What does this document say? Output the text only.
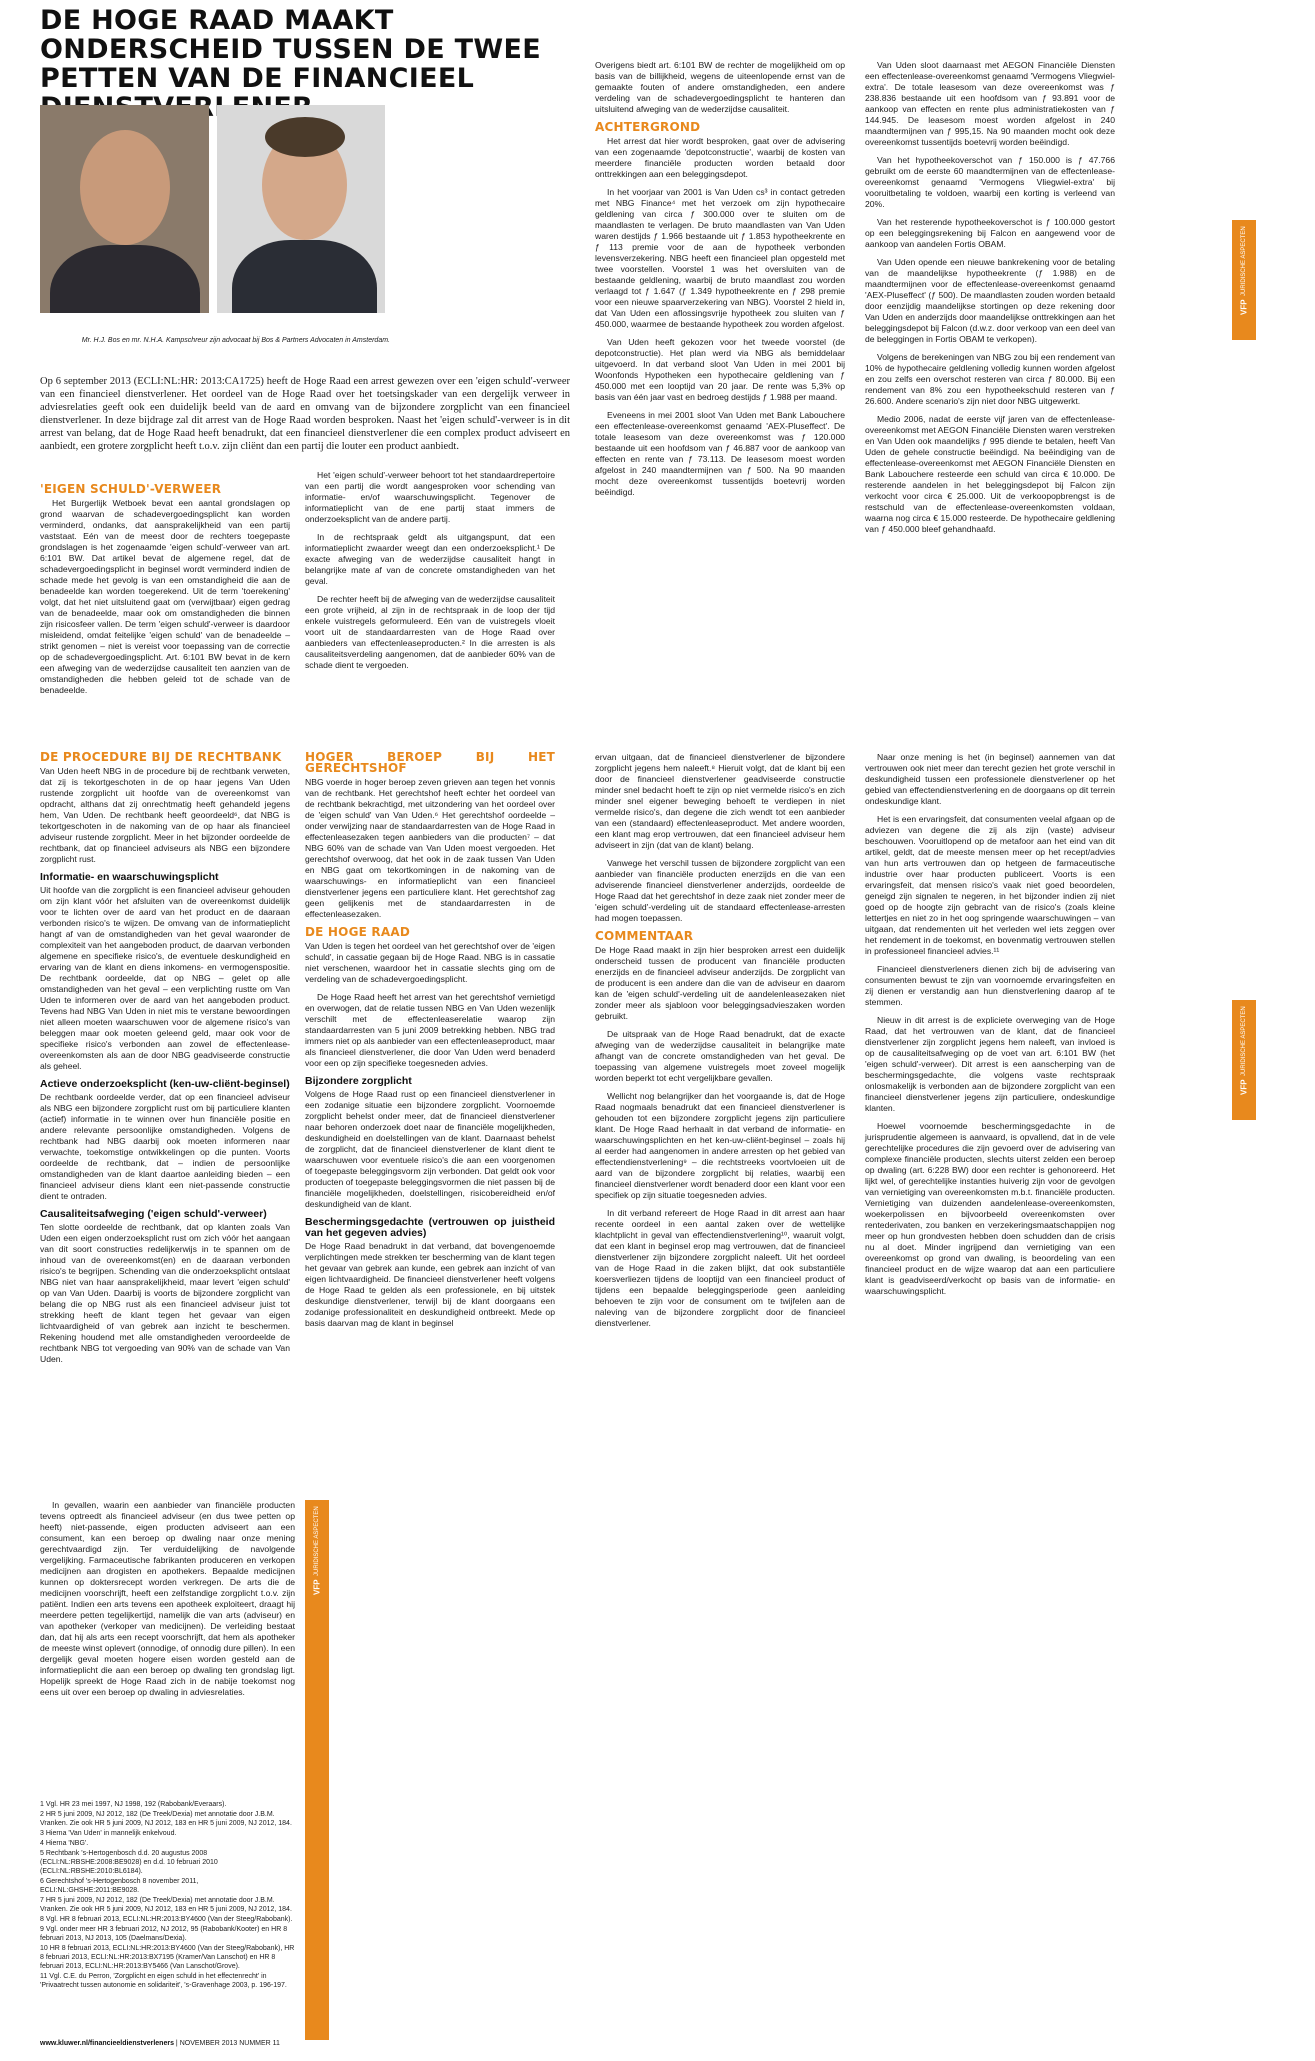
DE HOGE RAAD MAAKT ONDERSCHEID TUSSEN DE TWEE PETTEN VAN DE FINANCIEEL
Mr. H.J. Bos en mr. N.H.A. Kampschreur zijn advocaat bij Bos & Partners Advocaten in Amsterdam.
Op 6 september 2013 (ECLI:NL:HR: 2013:CA1725) heeft de Hoge Raad een arrest gewezen over een 'eigen schuld'-verweer van een financieel dienstverlener. Het oordeel van de Hoge Raad over het toetsingskader van een dergelijk verweer in adviesrelaties geeft ook een duidelijk beeld van de aard en omvang van de bijzondere zorgplicht van een financieel dienstverlener. In deze bijdrage zal dit arrest van de Hoge Raad worden besproken. Naast het 'eigen schuld'-verweer is in dit arrest van belang, dat de Hoge Raad heeft benadrukt, dat een financieel dienstverlener die een complex product adviseert en aanbiedt, een grotere zorgplicht heeft t.o.v. zijn cliënt dan een partij die louter een product aanbiedt.
'EIGEN SCHULD'-VERWEER

Het Burgerlijk Wetboek bevat een aantal grondslagen op grond waarvan de schadevergoedingsplicht kan worden verminderd, ondanks, dat aansprakelijkheid van een partij vaststaat. Eén van de meest door de rechters toegepaste grondslagen is het zogenaamde 'eigen schuld'-verweer van art. 6:101 BW. Dat artikel bevat de algemene regel, dat de schadevergoedingsplicht in beginsel wordt verminderd indien de schade mede het gevolg is van een omstandigheid die aan de benadeelde kan worden toegerekend. Uit de term 'toerekening' volgt, dat het niet uitsluitend gaat om (verwijtbaar) eigen gedrag van de benadeelde, maar ook om omstandigheden die binnen zijn risicosfeer vallen. De term 'eigen schuld'-verweer is daardoor misleidend, omdat feitelijke 'eigen schuld' van de benadeelde – strikt genomen – niet is vereist voor toepassing van de correctie op de schadevergoedingsplicht. Art. 6:101 BW bevat in de kern een afweging van de wederzijdse causaliteit ten aanzien van de omstandigheden die hebben geleid tot de schade van de benadeelde.

Het 'eigen schuld'-verweer behoort tot het standaardrepertoire van een partij die wordt aangesproken voor schending van informatie- en/of waarschuwingsplicht. Tegenover de informatieplicht van de ene partij staat immers de onderzoeksplicht van de andere partij.

In de rechtspraak geldt als uitgangspunt, dat een informatieplicht zwaarder weegt dan een onderzoeksplicht.¹ De exacte afweging van de wederzijdse causaliteit hangt in belangrijke mate af van de concrete omstandigheden van het geval.

De rechter heeft bij de afweging van de wederzijdse causaliteit een grote vrijheid, al zijn in de rechtspraak in de loop der tijd enkele vuistregels geformuleerd. Eén van de vuistregels vloeit voort uit de standaardarresten van de Hoge Raad over aanbieders van effectenleaseproducten.² In die arresten is als causaliteitsverdeling aangenomen, dat de aanbieder 60% van de schade dient te vergoeden.

Overigens biedt art. 6:101 BW de rechter de mogelijkheid om op basis van de billijkheid, wegens de uiteenlopende ernst van de gemaakte fouten of andere omstandigheden, een andere verdeling van de schadevergoedingsplicht te hanteren dan uitsluitend afweging van de wederzijdse causaliteit.

ACHTERGROND

Het arrest dat hier wordt besproken, gaat over de advisering van een zogenaamde 'depotconstructie', waarbij de kosten van meerdere financiële producten worden betaald door onttrekkingen aan een beleggingsdepot.

In het voorjaar van 2001 is Van Uden cs³ in contact getreden met NBG Finance⁴ met het verzoek om zijn hypothecaire geldlening van circa ƒ 300.000 over te sluiten om de maandlasten te verlagen. De bruto maandlasten van Van Uden waren destijds ƒ 1.966 bestaande uit ƒ 1.853 hypotheekrente en ƒ 113 premie voor de aan de hypotheek verbonden levensverzekering. NBG heeft een financieel plan opgesteld met twee voorstellen. Voorstel 1 was het oversluiten van de bestaande geldlening, waarbij de bruto maandlast zou worden verlaagd tot ƒ 1.647 (ƒ 1.349 hypotheekrente en ƒ 298 premie voor een nieuwe spaarverzekering van NBG). Voorstel 2 hield in, dat Van Uden een aflossingsvrije hypotheek zou sluiten van ƒ 450.000, waarmee de bestaande hypotheek zou worden afgelost.

Van Uden heeft gekozen voor het tweede voorstel (de depotconstructie). Het plan werd via NBG als bemiddelaar uitgevoerd. In dat verband sloot Van Uden in mei 2001 bij Woonfonds Hypotheken een hypothecaire geldlening van ƒ 450.000 met een looptijd van 20 jaar. De rente was 5,3% op basis van één jaar vast en bedroeg destijds ƒ 1.988 per maand.

Eveneens in mei 2001 sloot Van Uden met Bank Labouchere een effectenlease-overeenkomst genaamd 'AEX-Pluseffect'. De totale leasesom van deze overeenkomst was ƒ 120.000 bestaande uit een hoofdsom van ƒ 46.887 voor de aankoop van effecten en rente van ƒ 73.113. De leasesom moest worden afgelost in 240 maandtermijnen van ƒ 500. Na 90 maanden mocht deze overeenkomst tussentijds boetevrij worden beëindigd.

Van Uden sloot daarnaast met AEGON Financiële Diensten een effectenlease-overeenkomst genaamd 'Vermogens Vliegwiel-extra'. De totale leasesom van deze overeenkomst was ƒ 238.836 bestaande uit een hoofdsom van ƒ 93.891 voor de aankoop van effecten en rente plus administratiekosten van ƒ 144.945. De leasesom moest worden afgelost in 240 maandtermijnen van ƒ 995,15. Na 90 maanden mocht ook deze overeenkomst tussentijds boetevrij worden beëindigd.

Van het hypotheekoverschot van ƒ 150.000 is ƒ 47.766 gebruikt om de eerste 60 maandtermijnen van de effectenlease-overeenkomst genaamd 'Vermogens Vliegwiel-extra' bij vooruitbetaling te voldoen, waarbij een korting is verleend van 20%.

Van het resterende hypotheekoverschot is ƒ 100.000 gestort op een beleggingsrekening bij Falcon en aangewend voor de aankoop van aandelen Fortis OBAM.

Van Uden opende een nieuwe bankrekening voor de betaling van de maandelijkse hypotheekrente (ƒ 1.988) en de maandtermijnen voor de effectenlease-overeenkomst genaamd 'AEX-Pluseffect' (ƒ 500). De maandlasten zouden worden betaald door eenzijdig maandelijkse stortingen op deze rekening door Van Uden en anderzijds door maandelijkse onttrekkingen aan het beleggingsdepot bij Falcon (d.w.z. door verkoop van een deel van de beleggingen in Fortis OBAM te verkopen).

Volgens de berekeningen van NBG zou bij een rendement van 10% de hypothecaire geldlening volledig kunnen worden afgelost en zou zelfs een overschot resteren van circa ƒ 80.000. Bij een rendement van 8% zou een hypotheekschuld resteren van ƒ 26.600. Andere scenario's zijn niet door NBG uitgewerkt.

Medio 2006, nadat de eerste vijf jaren van de effectenlease-overeenkomst met AEGON Financiële Diensten waren verstreken en Van Uden ook maandelijks ƒ 995 diende te betalen, heeft Van Uden de gehele constructie beëindigd. Na beëindiging van de effectenlease-overeenkomst met AEGON Financiële Diensten en Bank Labouchere resteerde een schuld van circa € 10.000. De resterende aandelen in het beleggingsdepot bij Falcon zijn verkocht voor circa € 25.000. Uit de verkoopopbrengst is de restschuld van de effectenlease-overeenkomsten voldaan, waarna nog circa € 15.000 resteerde. De hypothecaire geldlening van ƒ 450.000 bleef gehandhaafd.

VFP
JURIDISCHE ASPECTEN
VFP
JURIDISCHE ASPECTEN
VFP
JURIDISCHE ASPECTEN
DE PROCEDURE BIJ DE RECHTBANK

Van Uden heeft NBG in de procedure bij de rechtbank verweten, dat zij is tekortgeschoten in de op haar jegens Van Uden rustende zorgplicht uit hoofde van de overeenkomst van opdracht, althans dat zij onrechtmatig heeft gehandeld jegens hem, Van Uden. De rechtbank heeft geoordeeld⁶, dat NBG is tekortgeschoten in de nakoming van de op haar als financieel adviseur rustende zorgplicht. Meer in het bijzonder oordeelde de rechtbank, dat op financieel adviseurs als NBG een bijzondere zorgplicht rust.

Informatie- en waarschuwingsplicht

Uit hoofde van die zorgplicht is een financieel adviseur gehouden om zijn klant vóór het afsluiten van de overeenkomst duidelijk voor te lichten over de aard van het product en de daaraan verbonden risico's te wijzen. De omvang van de informatieplicht hangt af van de omstandigheden van het geval waaronder de complexiteit van het aangeboden product, de daarvan verbonden algemene en specifieke risico's, de eventuele deskundigheid en ervaring van de klant en diens inkomens- en vermogenspositie. De rechtbank oordeelde, dat op NBG – gelet op alle omstandigheden van het geval – een verplichting rustte om Van Uden te informeren over de aard van het aangeboden product. Tevens had NBG Van Uden in niet mis te verstane bewoordingen niet alleen moeten waarschuwen voor de algemene risico's van beleggen maar ook moeten geleend geld, maar ook voor de specifieke risico's verbonden aan zowel de effectenlease-overeenkomsten als aan de door NBG geadviseerde constructie als geheel.

Actieve onderzoeksplicht (ken-uw-cliënt-beginsel)

De rechtbank oordeelde verder, dat op een financieel adviseur als NBG een bijzondere zorgplicht rust om bij particuliere klanten (actief) informatie in te winnen over hun financiële positie en andere relevante persoonlijke omstandigheden. Volgens de rechtbank had NBG daarbij ook moeten informeren naar verwachte, toekomstige ontwikkelingen op die punten. Voorts oordeelde de rechtbank, dat – indien de persoonlijke omstandigheden van de klant daartoe aanleiding bieden – een financieel adviseur diens klant een niet-passende constructie dient te ontraden.

Causaliteitsafweging ('eigen schuld'-verweer)

Ten slotte oordeelde de rechtbank, dat op klanten zoals Van Uden een eigen onderzoeksplicht rust om zich vóór het aangaan van dit soort constructies redelijkerwijs in te spannen om de inhoud van de overeenkomst(en) en de daaraan verbonden risico's te begrijpen. Schending van die onderzoeksplicht ontslaat NBG niet van haar aansprakelijkheid, maar levert 'eigen schuld' op van Van Uden. Daarbij is voorts de bijzondere zorgplicht van belang die op NBG rust als een financieel adviseur juist tot strekking heeft de klant tegen het gevaar van eigen lichtvaardigheid of van gebrek aan inzicht te beschermen. Rekening houdend met alle omstandigheden veroordeelde de rechtbank NBG tot vergoeding van 90% van de schade van Van Uden.

HOGER BEROEP BIJ HET GERECHTSHOF

NBG voerde in hoger beroep zeven grieven aan tegen het vonnis van de rechtbank. Het gerechtshof heeft echter het oordeel van de rechtbank bekrachtigd, met uitzondering van het oordeel over de 'eigen schuld' van Van Uden.⁶ Het gerechtshof oordeelde – onder verwijzing naar de standaardarresten van de Hoge Raad in effectenleasezaken tegen aanbieders van die producten⁷ – dat NBG 60% van de schade van Van Uden moest vergoeden. Het gerechtshof overwoog, dat het ook in de zaak tussen Van Uden en NBG gaat om tekortkomingen in de nakoming van de waarschuwings- en informatieplicht van een financieel dienstverlener jegens een particuliere klant. Het gerechtshof zag geen gelijkenis met de standaardarresten in de effectenleasezaken.

DE HOGE RAAD

Van Uden is tegen het oordeel van het gerechtshof over de 'eigen schuld', in cassatie gegaan bij de Hoge Raad. NBG is in cassatie niet verschenen, waardoor het in cassatie slechts ging om de verdeling van de schadevergoedingsplicht.

De Hoge Raad heeft het arrest van het gerechtshof vernietigd en overwogen, dat de relatie tussen NBG en Van Uden wezenlijk verschilt met de effectenleaserelatie waarop zijn standaardarresten van 5 juni 2009 betrekking hebben. NBG trad immers niet op als aanbieder van een effectenleaseproduct, maar als financieel dienstverlener, die door Van Uden werd benaderd voor een op zijn specifieke toegesneden advies.

Bijzondere zorgplicht

Volgens de Hoge Raad rust op een financieel dienstverlener in een zodanige situatie een bijzondere zorgplicht. Voornoemde zorgplicht behelst onder meer, dat de financieel dienstverlener naar behoren onderzoek doet naar de financiële mogelijkheden, deskundigheid en doelstellingen van de klant. Daarnaast behelst de zorgplicht, dat de financieel dienstverlener de klant dient te waarschuwen voor eventuele risico's die aan een voorgenomen of toegepaste beleggingsvorm zijn verbonden. Dat geldt ook voor producten of toegepaste beleggingsvormen die niet passen bij de financiële mogelijkheden, doelstellingen, risicobereidheid en/of deskundigheid van de klant.

Beschermingsgedachte (vertrouwen op juistheid van het gegeven advies)

De Hoge Raad benadrukt in dat verband, dat bovengenoemde verplichtingen mede strekken ter bescherming van de klant tegen het gevaar van gebrek aan kunde, een gebrek aan inzicht of van eigen lichtvaardigheid. De financieel dienstverlener heeft volgens de Hoge Raad te gelden als een professionele, en bij uitstek deskundige dienstverlener, terwijl bij de klant doorgaans een zodanige professionaliteit en deskundigheid ontbreekt. Mede op basis daarvan mag de klant in beginsel

ervan uitgaan, dat de financieel dienstverlener de bijzondere zorgplicht jegens hem naleeft.⁸ Hieruit volgt, dat de klant bij een door de financieel dienstverlener geadviseerde constructie minder snel bedacht hoeft te zijn op niet vermelde risico's en zich minder snel eigener beweging behoeft te verdiepen in niet vermelde risico's, dan degene die zich wendt tot een aanbieder van een (standaard) effectenleaseproduct. Met andere woorden, een klant mag erop vertrouwen, dat een financieel adviseur hem adviseert in zijn (dat van de klant) belang.

Vanwege het verschil tussen de bijzondere zorgplicht van een aanbieder van financiële producten enerzijds en die van een adviserende financieel dienstverlener anderzijds, oordeelde de Hoge Raad dat het gerechtshof in deze zaak niet zonder meer de 'eigen schuld'-verdeling uit de standaard effectenlease-arresten had mogen toepassen.

COMMENTAAR

De Hoge Raad maakt in zijn hier besproken arrest een duidelijk onderscheid tussen de producent van financiële producten enerzijds en de financieel adviseur anderzijds. De zorgplicht van de producent is een andere dan die van de adviseur en daarom kan de 'eigen schuld'-verdeling uit de aandelenleasezaken niet zonder meer als sjabloon voor beleggingsadvieszaken worden gebruikt.

De uitspraak van de Hoge Raad benadrukt, dat de exacte afweging van de wederzijdse causaliteit in belangrijke mate afhangt van de concrete omstandigheden van het geval. De toepassing van algemene vuistregels moet zoveel mogelijk worden beperkt tot echt vergelijkbare gevallen.

Wellicht nog belangrijker dan het voorgaande is, dat de Hoge Raad nogmaals benadrukt dat een financieel dienstverlener is gehouden tot een bijzondere zorgplicht jegens zijn particuliere klant. De Hoge Raad herhaalt in dat verband de informatie- en waarschuwingsplichten en het ken-uw-cliënt-beginsel – zoals hij al eerder had aangenomen in andere arresten op het gebied van effectendienstverlening⁹ – die rechtstreeks voortvloeien uit de aard van de bijzondere zorgplicht bij relaties, waarbij een financieel dienstverlener wordt benaderd door een klant voor een specifiek op zijn situatie toegesneden advies.

In dit verband refereert de Hoge Raad in dit arrest aan haar recente oordeel in een aantal zaken over de wettelijke klachtplicht in geval van effectendienstverlening¹⁰, waaruit volgt, dat een klant in beginsel erop mag vertrouwen, dat de financieel dienstverlener zijn bijzondere zorgplicht naleeft. Uit het oordeel van de Hoge Raad in die zaken blijkt, dat ook substantiële koersverliezen tijdens de looptijd van een financieel product of tijdens een bepaalde beleggingsperiode geen aanleiding behoeven te zijn voor de consument om te twijfelen aan de naleving van de bijzondere zorgplicht door de financieel dienstverlener.

Naar onze mening is het (in beginsel) aannemen van dat vertrouwen ook niet meer dan terecht gezien het grote verschil in deskundigheid tussen een professionele dienstverlener op het gebied van effectendienstverlening en de doorgaans op dit terrein ondeskundige klant.

Het is een ervaringsfeit, dat consumenten veelal afgaan op de adviezen van degene die zij als zijn (vaste) adviseur beschouwen. Vooruitlopend op de metafoor aan het eind van dit artikel, geldt, dat de meeste mensen meer op het recept/advies van hun arts vertrouwen dan op hetgeen de farmaceutische industrie over haar producten publiceert. Voorts is een ervaringsfeit, dat mensen risico's vaak niet goed beoordelen, geneigd zijn signalen te negeren, in het bijzonder indien zij niet goed op de hoogte zijn gebracht van de risico's (zoals kleine lettertjes en niet zo in het oog springende waarschuwingen – van uitgaan, dat rendementen uit het verleden wel iets zeggen over het rendement in de toekomst, en bovenmatig vertrouwen stellen in professioneel financieel advies.¹¹

Financieel dienstverleners dienen zich bij de advisering van consumenten bewust te zijn van voornoemde ervaringsfeiten en zij dienen er verstandig aan hun dienstverlening daarop af te stemmen.

Nieuw in dit arrest is de expliciete overweging van de Hoge Raad, dat het vertrouwen van de klant, dat de financieel dienstverlener zijn zorgplicht jegens hem naleeft, van invloed is op de causaliteitsafweging op de voet van art. 6:101 BW (het 'eigen schuld'-verweer). Dit arrest is een aanscherping van de beschermingsgedachte, die volgens vaste rechtspraak onlosmakelijk is verbonden aan de bijzondere zorgplicht van een financieel dienstverlener jegens zijn particuliere, ondeskundige klanten.

Hoewel voornoemde beschermingsgedachte in de jurisprudentie algemeen is aanvaard, is opvallend, dat in de vele gerechtelijke procedures die zijn gevoerd over de advisering van complexe financiële producten, slechts uiterst zelden een beroep op dwaling (art. 6:228 BW) door een rechter is gehonoreerd. Het lijkt wel, of gerechtelijke instanties huiverig zijn voor de gevolgen van vernietiging van overeenkomsten m.b.t. financiële producten. Vernietiging van duizenden aandelenlease-overeenkomsten, woekerpolissen en bijvoorbeeld overeenkomsten over rentederivaten, zou banken en verzekeringsmaatschappijen nog meer op hun grondvesten hebben doen schudden dan de crisis nu al doet. Minder ingrijpend dan vernietiging van een overeenkomst op grond van dwaling, is beoordeling van een financieel product en de wijze waarop dat aan een particuliere klant is geadviseerd/verkocht op basis van de informatie- en waarschuwingsplicht.

In gevallen, waarin een aanbieder van financiële producten tevens optreedt als financieel adviseur (en dus twee petten op heeft) niet-passende, eigen producten adviseert aan een consument, kan een beroep op dwaling naar onze mening gerechtvaardigd zijn. Ter verduidelijking de navolgende vergelijking. Farmaceutische fabrikanten produceren en verkopen medicijnen aan drogisten en apothekers. Bepaalde medicijnen kunnen op doktersrecept worden verkregen. De arts die de medicijnen voorschrijft, heeft een zelfstandige zorgplicht t.o.v. zijn patiënt. Indien een arts tevens een apotheek exploiteert, draagt hij meerdere petten tegelijkertijd, namelijk die van arts (adviseur) en van apotheker (verkoper van medicijnen). De verleiding bestaat dan, dat hij als arts een recept voorschrijft, dat hem als apotheker de meeste winst oplevert (onnodige, of onnodig dure pillen). In een dergelijk geval moeten hogere eisen worden gesteld aan de informatieplicht die aan een beroep op dwaling ten grondslag ligt. Hopelijk spreekt de Hoge Raad zich in de nabije toekomst nog eens uit over een beroep op dwaling in adviesrelaties.

1 Vgl. HR 23 mei 1997, NJ 1998, 192 (Rabobank/Everaars).
2 HR 5 juni 2009, NJ 2012, 182 (De Treek/Dexia) met annotatie door J.B.M. Vranken. Zie ook HR 5 juni 2009, NJ 2012, 183 en HR 5 juni 2009, NJ 2012, 184.
3 Hierna 'Van Uden' in mannelijk enkelvoud.
4 Hierna 'NBG'.
5 Rechtbank 's-Hertogenbosch d.d. 20 augustus 2008 (ECLI:NL:RBSHE:2008:BE9028) en d.d. 10 februari 2010 (ECLI:NL:RBSHE:2010:BL6184).
6 Gerechtshof 's-Hertogenbosch 8 november 2011, ECLI:NL:GHSHE:2011:BE9028.
7 HR 5 juni 2009, NJ 2012, 182 (De Treek/Dexia) met annotatie door J.B.M. Vranken. Zie ook HR 5 juni 2009, NJ 2012, 183 en HR 5 juni 2009, NJ 2012, 184.
8 Vgl. HR 8 februari 2013, ECLI:NL:HR:2013:BY4600 (Van der Steeg/Rabobank).
9 Vgl. onder meer HR 3 februari 2012, NJ 2012, 95 (Rabobank/Kooter) en HR 8 februari 2013, NJ 2013, 105 (Daelmans/Dexia).
10 HR 8 februari 2013, ECLI:NL:HR:2013:BY4600 (Van der Steeg/Rabobank), HR 8 februari 2013, ECLI:NL:HR:2013:BX7195 (Kramer/Van Lanschot) en HR 8 februari 2013, ECLI:NL:HR:2013:BY5466 (Van Lanschot/Grove).
11 Vgl. C.E. du Perron, 'Zorgplicht en eigen schuld in het effectenrecht' in 'Privaatrecht tussen autonomie en solidariteit', 's-Gravenhage 2003, p. 196-197.
www.kluwer.nl/financieeldienstverleners | NOVEMBER 2013 NUMMER 11
